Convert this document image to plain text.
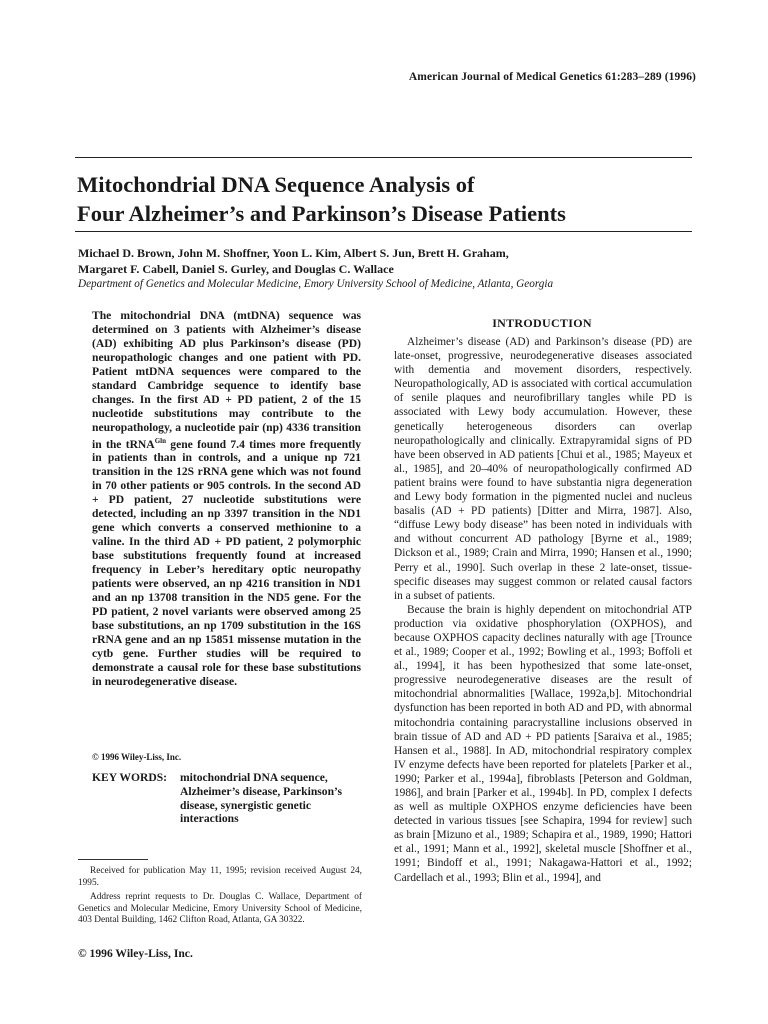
American Journal of Medical Genetics 61:283–289 (1996)
Mitochondrial DNA Sequence Analysis of
Four Alzheimer’s and Parkinson’s Disease Patients
Michael D. Brown, John M. Shoffner, Yoon L. Kim, Albert S. Jun, Brett H. Graham,
Margaret F. Cabell, Daniel S. Gurley, and Douglas C. Wallace
Department of Genetics and Molecular Medicine, Emory University School of Medicine, Atlanta, Georgia
The mitochondrial DNA (mtDNA) sequence was determined on 3 patients with Alzheimer’s disease (AD) exhibiting AD plus Parkinson’s disease (PD) neuropathologic changes and one patient with PD. Patient mtDNA sequences were compared to the standard Cambridge sequence to identify base changes. In the first AD + PD patient, 2 of the 15 nucleotide substitutions may contribute to the neuropathology, a nucleotide pair (np) 4336 transition in the tRNA$^{Gln}$ gene found 7.4 times more frequently in patients than in controls, and a unique np 721 transition in the 12S rRNA gene which was not found in 70 other patients or 905 controls. In the second AD + PD patient, 27 nucleotide substitutions were detected, including an np 3397 transition in the ND1 gene which converts a conserved methionine to a valine. In the third AD + PD patient, 2 polymorphic base substitutions frequently found at increased frequency in Leber’s hereditary optic neuropathy patients were observed, an np 4216 transition in ND1 and an np 13708 transition in the ND5 gene. For the PD patient, 2 novel variants were observed among 25 base substitutions, an np 1709 substitution in the 16S rRNA gene and an np 15851 missense mutation in the cytb gene. Further studies will be required to demonstrate a causal role for these base substitutions in neurodegenerative disease.
© 1996 Wiley-Liss, Inc.
KEY WORDS: mitochondrial DNA sequence, Alzheimer’s disease, Parkinson’s disease, synergistic genetic interactions
Received for publication May 11, 1995; revision received August 24, 1995.
Address reprint requests to Dr. Douglas C. Wallace, Department of Genetics and Molecular Medicine, Emory University School of Medicine, 403 Dental Building, 1462 Clifton Road, Atlanta, GA 30322.
© 1996 Wiley-Liss, Inc.
INTRODUCTION

Alzheimer’s disease (AD) and Parkinson’s disease (PD) are late-onset, progressive, neurodegenerative diseases associated with dementia and movement disorders, respectively. Neuropathologically, AD is associated with cortical accumulation of senile plaques and neurofibrillary tangles while PD is associated with Lewy body accumulation. However, these genetically heterogeneous disorders can overlap neuropathologically and clinically. Extrapyramidal signs of PD have been observed in AD patients [Chui et al., 1985; Mayeux et al., 1985], and 20–40% of neuropathologically confirmed AD patient brains were found to have substantia nigra degeneration and Lewy body formation in the pigmented nuclei and nucleus basalis (AD + PD patients) [Ditter and Mirra, 1987]. Also, “diffuse Lewy body disease” has been noted in individuals with and without concurrent AD pathology [Byrne et al., 1989; Dickson et al., 1989; Crain and Mirra, 1990; Hansen et al., 1990; Perry et al., 1990]. Such overlap in these 2 late-onset, tissue-specific diseases may suggest common or related causal factors in a subset of patients.

Because the brain is highly dependent on mitochondrial ATP production via oxidative phosphorylation (OXPHOS), and because OXPHOS capacity declines naturally with age [Trounce et al., 1989; Cooper et al., 1992; Bowling et al., 1993; Boffoli et al., 1994], it has been hypothesized that some late-onset, progressive neurodegenerative diseases are the result of mitochondrial abnormalities [Wallace, 1992a,b]. Mitochondrial dysfunction has been reported in both AD and PD, with abnormal mitochondria containing paracrystalline inclusions observed in brain tissue of AD and AD + PD patients [Saraiva et al., 1985; Hansen et al., 1988]. In AD, mitochondrial respiratory complex IV enzyme defects have been reported for platelets [Parker et al., 1990; Parker et al., 1994a], fibroblasts [Peterson and Goldman, 1986], and brain [Parker et al., 1994b]. In PD, complex I defects as well as multiple OXPHOS enzyme deficiencies have been detected in various tissues [see Schapira, 1994 for review] such as brain [Mizuno et al., 1989; Schapira et al., 1989, 1990; Hattori et al., 1991; Mann et al., 1992], skeletal muscle [Shoffner et al., 1991; Bindoff et al., 1991; Nakagawa-Hattori et al., 1992; Cardellach et al., 1993; Blin et al., 1994], and
